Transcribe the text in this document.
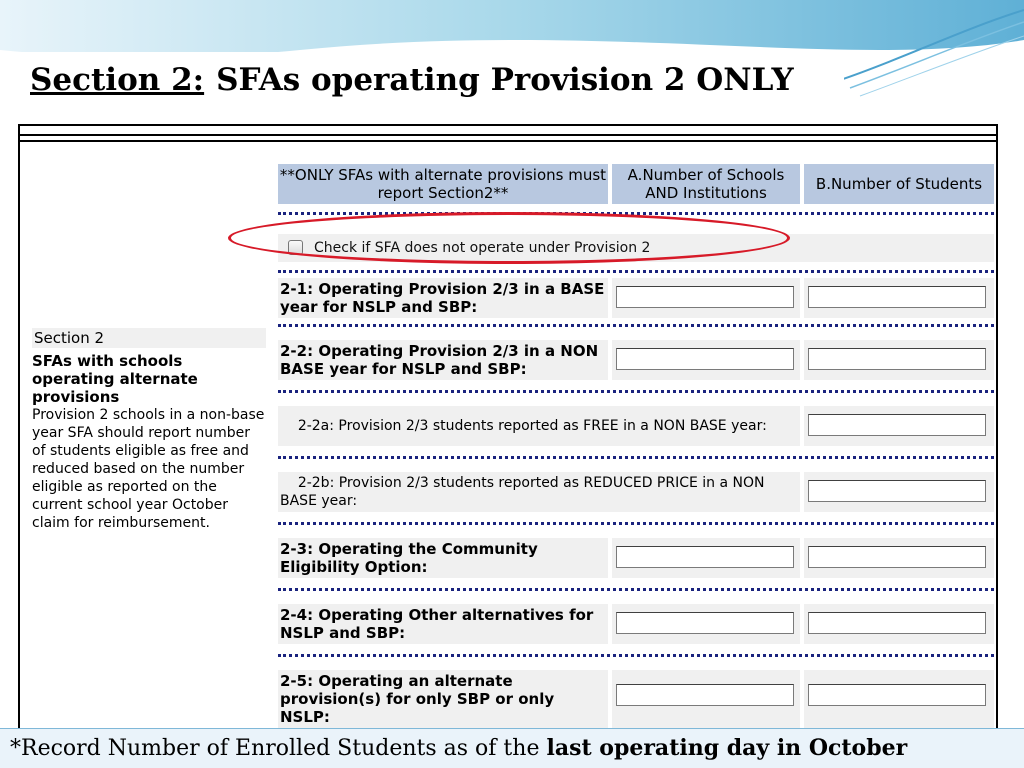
Section 2: SFAs operating Provision 2 ONLY
Section 2
SFAs with schools operating alternate provisions
Provision 2 schools in a non-base year SFA should report number of students eligible as free and reduced based on the number eligible as reported on the current school year October claim for reimbursement.
**ONLY SFAs with alternate provisions must report Section2**
A.Number of Schools AND Institutions	B.Number of Students
Check if SFA does not operate under Provision 2
2-1: Operating Provision 2/3 in a BASE year for NSLP and SBP:
2-2: Operating Provision 2/3 in a NON BASE year for NSLP and SBP:
2-2a: Provision 2/3 students reported as FREE in a NON BASE year:
2-2b: Provision 2/3 students reported as REDUCED PRICE in a NON BASE year:
2-3: Operating the Community Eligibility Option:
2-4: Operating Other alternatives for NSLP and SBP:
2-5: Operating an alternate provision(s) for only SBP or only NSLP:
*Record Number of Enrolled Students as of the last operating day in October
